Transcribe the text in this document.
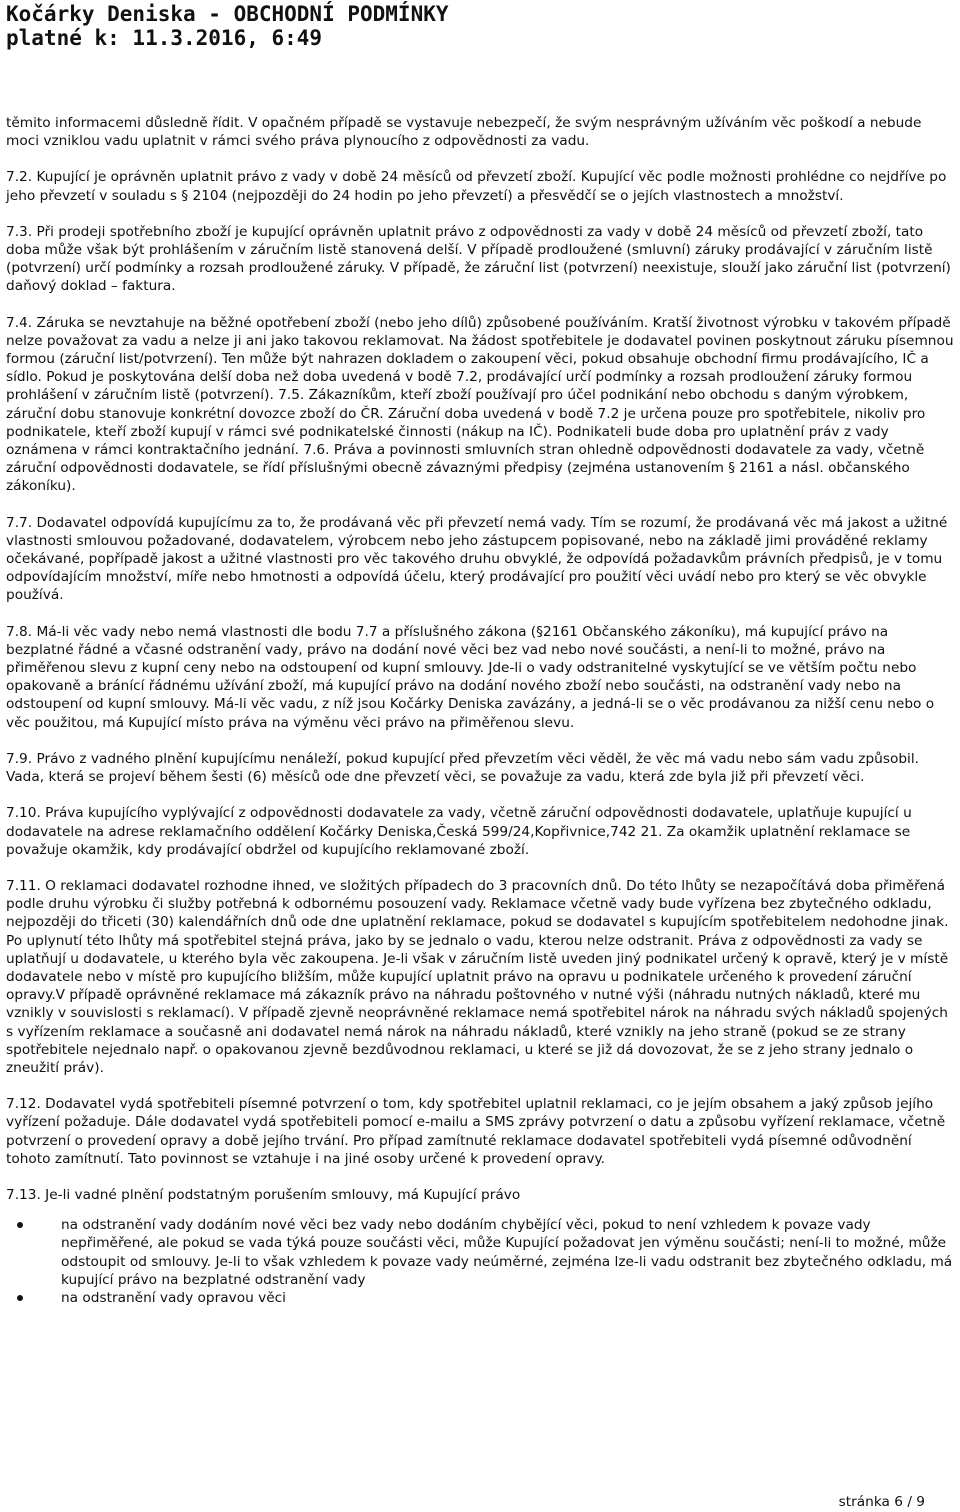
Kočárky Deniska - OBCHODNÍ PODMÍNKY
platné k: 11.3.2016, 6:49

těmito informacemi důsledně řídit. V opačném případě se vystavuje nebezpečí, že svým nesprávným užíváním věc poškodí a nebude moci vzniklou vadu uplatnit v rámci svého práva plynoucího z odpovědnosti za vadu.

7.2. Kupující je oprávněn uplatnit právo z vady v době 24 měsíců od převzetí zboží. Kupující věc podle možnosti prohlédne co nejdříve po jeho převzetí v souladu s § 2104 (nejpozději do 24 hodin po jeho převzetí) a přesvědčí se o jejích vlastnostech a množství.

7.3. Při prodeji spotřebního zboží je kupující oprávněn uplatnit právo z odpovědnosti za vady v době 24 měsíců od převzetí zboží, tato doba může však být prohlášením v záručním listě stanovená delší. V případě prodloužené (smluvní) záruky prodávající v záručním listě (potvrzení) určí podmínky a rozsah prodloužené záruky. V případě, že záruční list (potvrzení) neexistuje, slouží jako záruční list (potvrzení) daňový doklad – faktura.

7.4. Záruka se nevztahuje na běžné opotřebení zboží (nebo jeho dílů) způsobené používáním. Kratší životnost výrobku v takovém případě nelze považovat za vadu a nelze ji ani jako takovou reklamovat. Na žádost spotřebitele je dodavatel povinen poskytnout záruku písemnou formou (záruční list/potvrzení). Ten může být nahrazen dokladem o zakoupení věci, pokud obsahuje obchodní firmu prodávajícího, IČ a sídlo. Pokud je poskytována delší doba než doba uvedená v bodě 7.2, prodávající určí podmínky a rozsah prodloužení záruky formou prohlášení v záručním listě (potvrzení). 7.5. Zákazníkům, kteří zboží používají pro účel podnikání nebo obchodu s daným výrobkem, záruční dobu stanovuje konkrétní dovozce zboží do ČR. Záruční doba uvedená v bodě 7.2 je určena pouze pro spotřebitele, nikoliv pro podnikatele, kteří zboží kupují v rámci své podnikatelské činnosti (nákup na IČ). Podnikateli bude doba pro uplatnění práv z vady oznámena v rámci kontraktačního jednání. 7.6. Práva a povinnosti smluvních stran ohledně odpovědnosti dodavatele za vady, včetně záruční odpovědnosti dodavatele, se řídí příslušnými obecně závaznými předpisy (zejména ustanovením § 2161 a násl. občanského zákoníku).

7.7. Dodavatel odpovídá kupujícímu za to, že prodávaná věc při převzetí nemá vady. Tím se rozumí, že prodávaná věc má jakost a užitné vlastnosti smlouvou požadované, dodavatelem, výrobcem nebo jeho zástupcem popisované, nebo na základě jimi prováděné reklamy očekávané, popřípadě jakost a užitné vlastnosti pro věc takového druhu obvyklé, že odpovídá požadavkům právních předpisů, je v tomu odpovídajícím množství, míře nebo hmotnosti a odpovídá účelu, který prodávající pro použití věci uvádí nebo pro který se věc obvykle používá.

7.8. Má-li věc vady nebo nemá vlastnosti dle bodu 7.7 a příslušného zákona (§2161 Občanského zákoníku), má kupující právo na bezplatné řádné a včasné odstranění vady, právo na dodání nové věci bez vad nebo nové součásti, a není-li to možné, právo na přiměřenou slevu z kupní ceny nebo na odstoupení od kupní smlouvy. Jde-li o vady odstranitelné vyskytující se ve větším počtu nebo opakovaně a bránící řádnému užívání zboží, má kupující právo na dodání nového zboží nebo součásti, na odstranění vady nebo na odstoupení od kupní smlouvy. Má-li věc vadu, z níž jsou Kočárky Deniska zavázány, a jedná-li se o věc prodávanou za nižší cenu nebo o věc použitou, má Kupující místo práva na výměnu věci právo na přiměřenou slevu.

7.9. Právo z vadného plnění kupujícímu nenáleží, pokud kupující před převzetím věci věděl, že věc má vadu nebo sám vadu způsobil. Vada, která se projeví během šesti (6) měsíců ode dne převzetí věci, se považuje za vadu, která zde byla již při převzetí věci.

7.10. Práva kupujícího vyplývající z odpovědnosti dodavatele za vady, včetně záruční odpovědnosti dodavatele, uplatňuje kupující u dodavatele na adrese reklamačního oddělení Kočárky Deniska,Česká 599/24,Kopřivnice,742 21. Za okamžik uplatnění reklamace se považuje okamžik, kdy prodávající obdržel od kupujícího reklamované zboží.

7.11. O reklamaci dodavatel rozhodne ihned, ve složitých případech do 3 pracovních dnů. Do této lhůty se nezapočítává doba přiměřená podle druhu výrobku či služby potřebná k odbornému posouzení vady. Reklamace včetně vady bude vyřízena bez zbytečného odkladu, nejpozději do třiceti (30) kalendářních dnů ode dne uplatnění reklamace, pokud se dodavatel s kupujícím spotřebitelem nedohodne jinak. Po uplynutí této lhůty má spotřebitel stejná práva, jako by se jednalo o vadu, kterou nelze odstranit. Práva z odpovědnosti za vady se uplatňují u dodavatele, u kterého byla věc zakoupena. Je-li však v záručním listě uveden jiný podnikatel určený k opravě, který je v místě dodavatele nebo v místě pro kupujícího bližším, může kupující uplatnit právo na opravu u podnikatele určeného k provedení záruční opravy.V případě oprávněné reklamace má zákazník právo na náhradu poštovného v nutné výši (náhradu nutných nákladů, které mu vznikly v souvislosti s reklamací). V případě zjevně neoprávněné reklamace nemá spotřebitel nárok na náhradu svých nákladů spojených s vyřízením reklamace a současně ani dodavatel nemá nárok na náhradu nákladů, které vznikly na jeho straně (pokud se ze strany spotřebitele nejednalo např. o opakovanou zjevně bezdůvodnou reklamaci, u které se již dá dovozovat, že se z jeho strany jednalo o zneužití práv).

7.12. Dodavatel vydá spotřebiteli písemné potvrzení o tom, kdy spotřebitel uplatnil reklamaci, co je jejím obsahem a jaký způsob jejího vyřízení požaduje. Dále dodavatel vydá spotřebiteli pomocí e-mailu a SMS zprávy potvrzení o datu a způsobu vyřízení reklamace, včetně potvrzení o provedení opravy a době jejího trvání. Pro případ zamítnuté reklamace dodavatel spotřebiteli vydá písemné odůvodnění tohoto zamítnutí. Tato povinnost se vztahuje i na jiné osoby určené k provedení opravy.

7.13. Je-li vadné plnění podstatným porušením smlouvy, má Kupující právo

na odstranění vady dodáním nové věci bez vady nebo dodáním chybějící věci, pokud to není vzhledem k povaze vady nepřiměřené, ale pokud se vada týká pouze součásti věci, může Kupující požadovat jen výměnu součásti; není-li to možné, může odstoupit od smlouvy. Je-li to však vzhledem k povaze vady neúměrné, zejména lze-li vadu odstranit bez zbytečného odkladu, má kupující právo na bezplatné odstranění vady
na odstranění vady opravou věci
stránka 6 / 9
